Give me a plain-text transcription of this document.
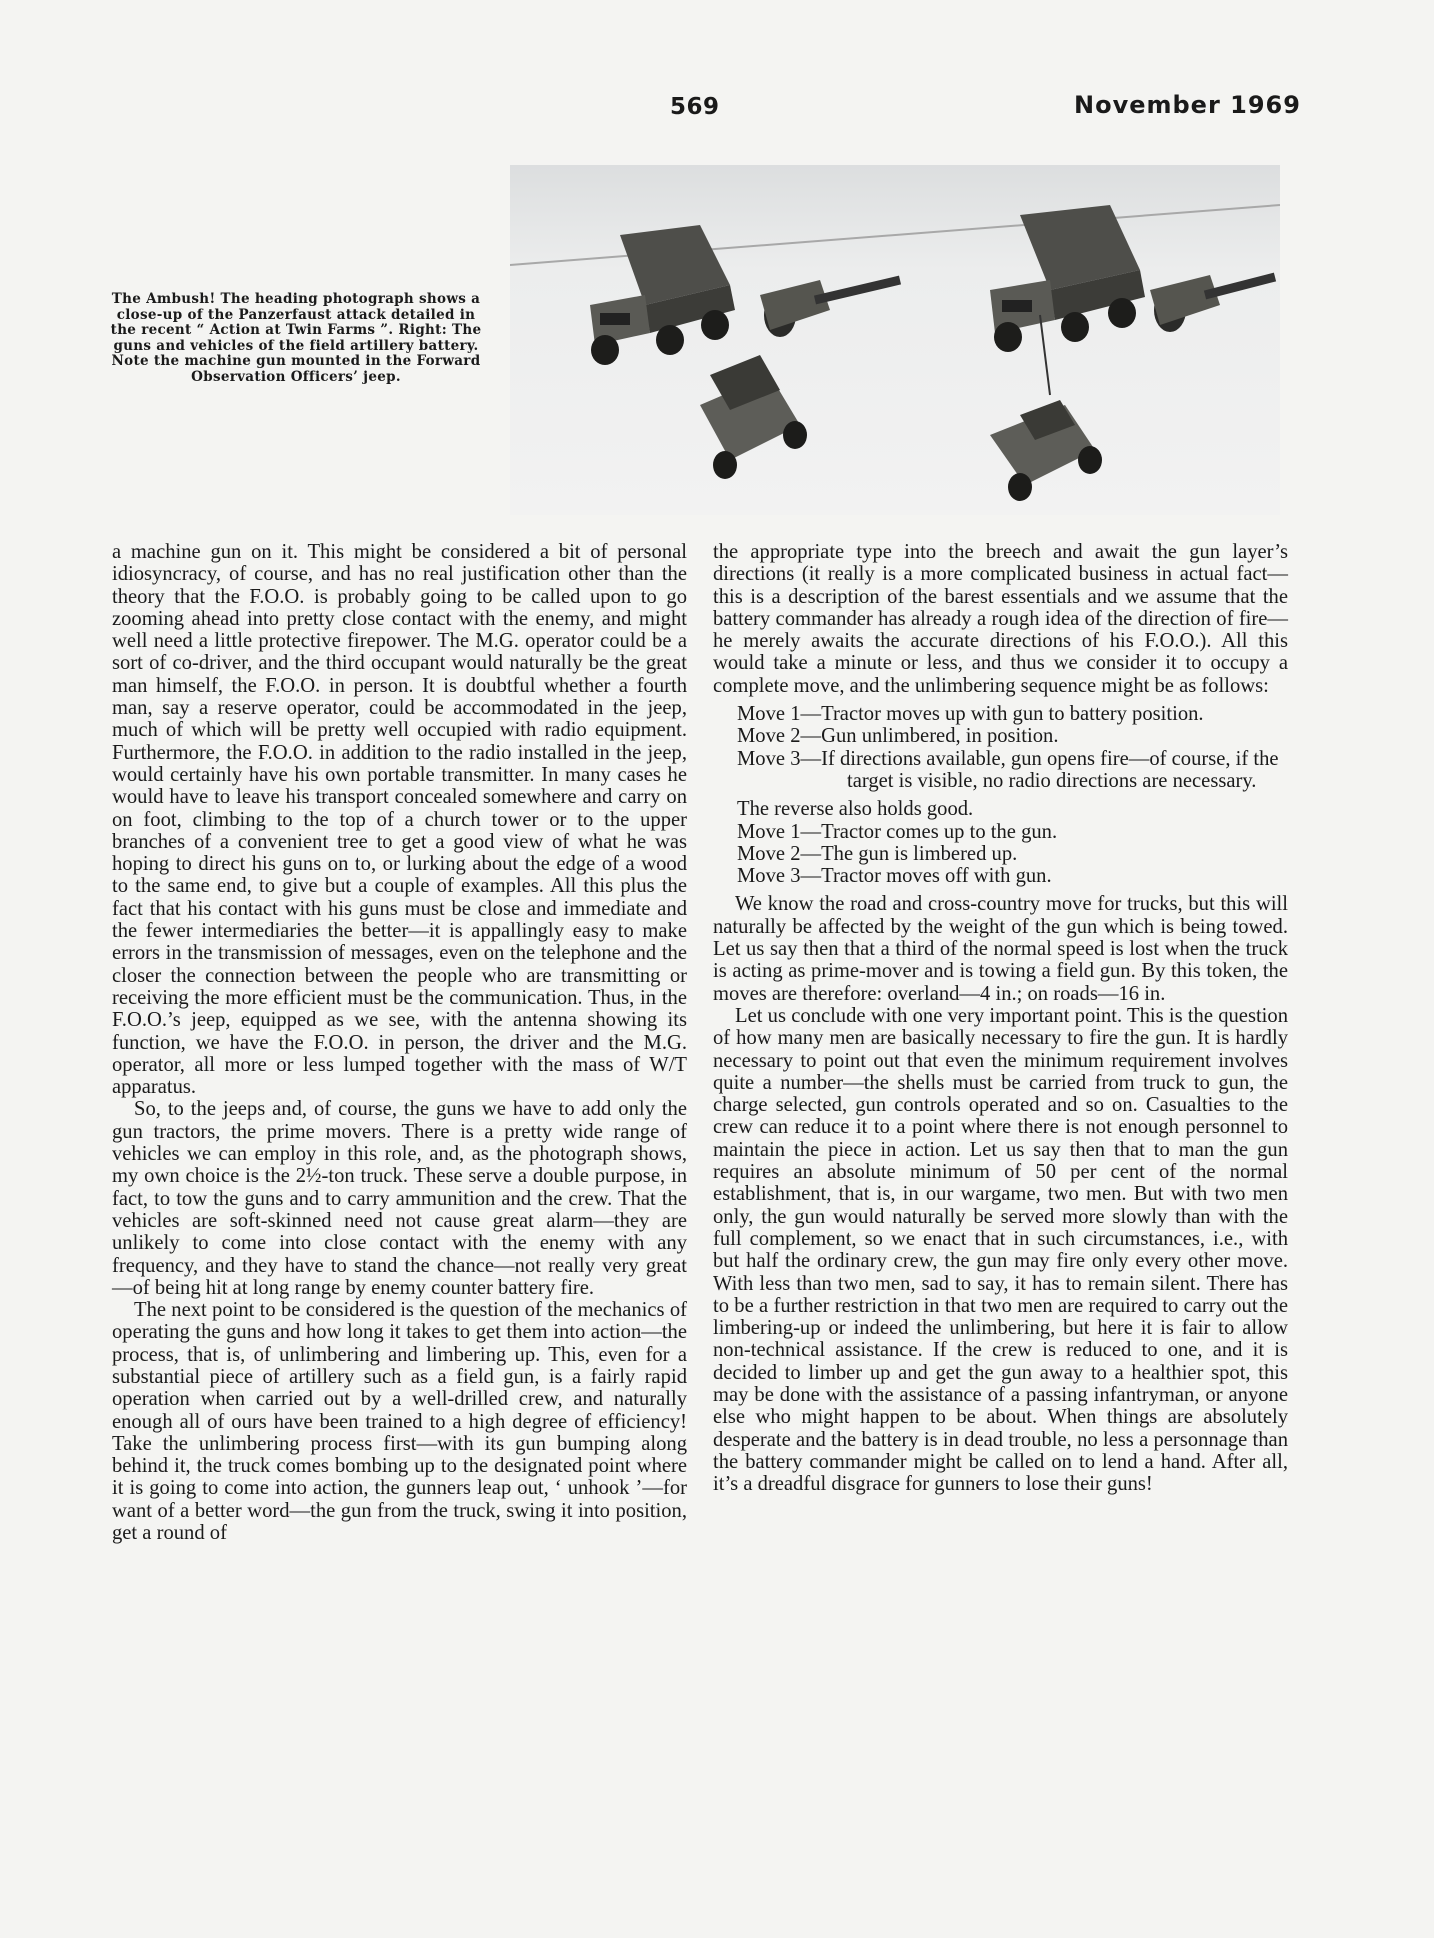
569	November 1969

The Ambush! The heading photograph shows a close-up of the Panzerfaust attack detailed in the recent “ Action at Twin Farms ”. Right: The guns and vehicles of the field artillery battery. Note the machine gun mounted in the Forward Observation Officers’ jeep.

a machine gun on it. This might be considered a bit of personal idiosyncracy, of course, and has no real justification other than the theory that the F.O.O. is probably going to be called upon to go zooming ahead into pretty close contact with the enemy, and might well need a little protective firepower. The M.G. operator could be a sort of co-driver, and the third occupant would naturally be the great man himself, the F.O.O. in person. It is doubtful whether a fourth man, say a reserve operator, could be accommodated in the jeep, much of which will be pretty well occupied with radio equipment. Furthermore, the F.O.O. in addition to the radio installed in the jeep, would certainly have his own portable transmitter. In many cases he would have to leave his transport concealed somewhere and carry on on foot, climbing to the top of a church tower or to the upper branches of a convenient tree to get a good view of what he was hoping to direct his guns on to, or lurking about the edge of a wood to the same end, to give but a couple of examples. All this plus the fact that his contact with his guns must be close and immediate and the fewer intermediaries the better—it is appallingly easy to make errors in the transmission of messages, even on the telephone and the closer the connection between the people who are transmitting or receiving the more efficient must be the communication. Thus, in the F.O.O.’s jeep, equipped as we see, with the antenna showing its function, we have the F.O.O. in person, the driver and the M.G. operator, all more or less lumped together with the mass of W/T apparatus.

So, to the jeeps and, of course, the guns we have to add only the gun tractors, the prime movers. There is a pretty wide range of vehicles we can employ in this role, and, as the photograph shows, my own choice is the 2½-ton truck. These serve a double purpose, in fact, to tow the guns and to carry ammunition and the crew. That the vehicles are soft-skinned need not cause great alarm—they are unlikely to come into close contact with the enemy with any frequency, and they have to stand the chance—not really very great—of being hit at long range by enemy counter battery fire.

The next point to be considered is the question of the mechanics of operating the guns and how long it takes to get them into action—the process, that is, of unlimbering and limbering up. This, even for a substantial piece of artillery such as a field gun, is a fairly rapid operation when carried out by a well-drilled crew, and naturally enough all of ours have been trained to a high degree of efficiency! Take the unlimbering process first—with its gun bumping along behind it, the truck comes bombing up to the designated point where it is going to come into action, the gunners leap out, ‘ unhook ’—for want of a better word—the gun from the truck, swing it into position, get a round of

the appropriate type into the breech and await the gun layer’s directions (it really is a more complicated business in actual fact—this is a description of the barest essentials and we assume that the battery commander has already a rough idea of the direction of fire—he merely awaits the accurate directions of his F.O.O.). All this would take a minute or less, and thus we consider it to occupy a complete move, and the unlimbering sequence might be as follows:

Move 1—Tractor moves up with gun to battery position.
Move 2—Gun unlimbered, in position.
Move 3—If directions available, gun opens fire—of course, if the target is visible, no radio directions are necessary.

The reverse also holds good.

Move 1—Tractor comes up to the gun.
Move 2—The gun is limbered up.
Move 3—Tractor moves off with gun.

We know the road and cross-country move for trucks, but this will naturally be affected by the weight of the gun which is being towed. Let us say then that a third of the normal speed is lost when the truck is acting as prime-mover and is towing a field gun. By this token, the moves are therefore: overland—4 in.; on roads—16 in.

Let us conclude with one very important point. This is the question of how many men are basically necessary to fire the gun. It is hardly necessary to point out that even the minimum requirement involves quite a number—the shells must be carried from truck to gun, the charge selected, gun controls operated and so on. Casualties to the crew can reduce it to a point where there is not enough personnel to maintain the piece in action. Let us say then that to man the gun requires an absolute minimum of 50 per cent of the normal establishment, that is, in our wargame, two men. But with two men only, the gun would naturally be served more slowly than with the full complement, so we enact that in such circumstances, i.e., with but half the ordinary crew, the gun may fire only every other move. With less than two men, sad to say, it has to remain silent. There has to be a further restriction in that two men are required to carry out the limbering-up or indeed the unlimbering, but here it is fair to allow non-technical assistance. If the crew is reduced to one, and it is decided to limber up and get the gun away to a healthier spot, this may be done with the assistance of a passing infantryman, or anyone else who might happen to be about. When things are absolutely desperate and the battery is in dead trouble, no less a personnage than the battery commander might be called on to lend a hand. After all, it’s a dreadful disgrace for gunners to lose their guns!
